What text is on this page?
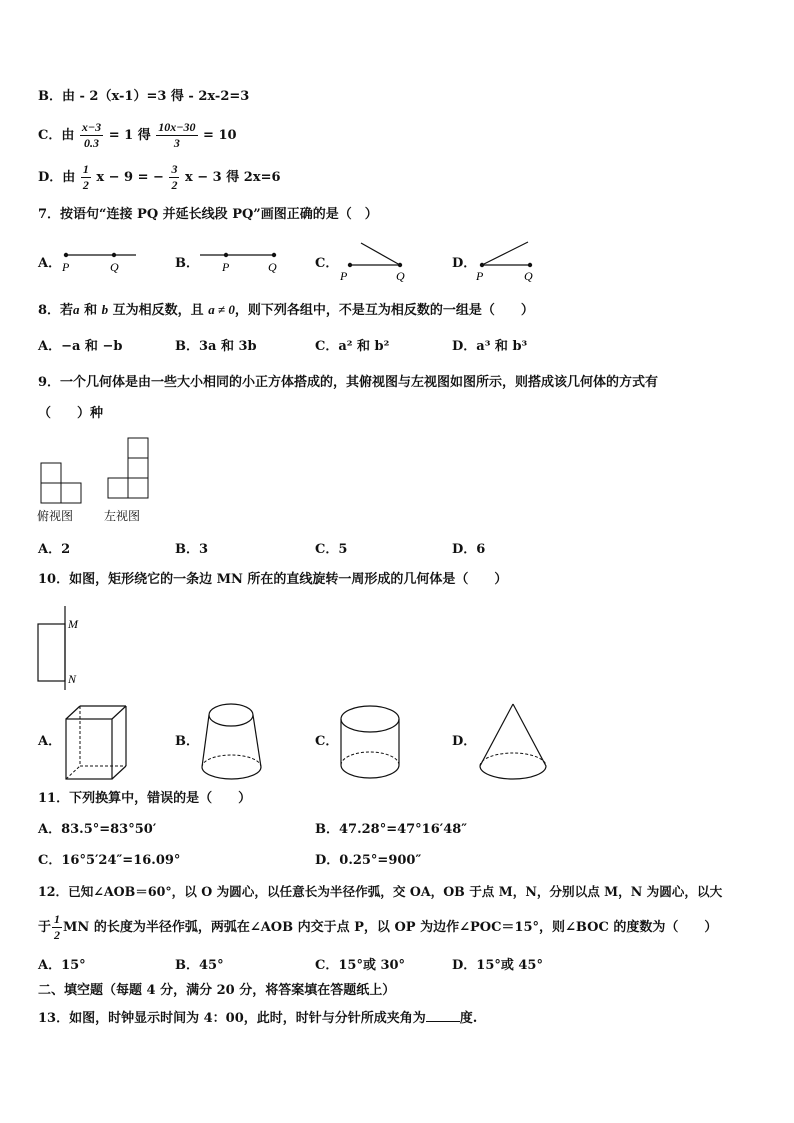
B．由 - 2（x-1）=3 得 - 2x-2=3
C．由 $\frac{x-3}{0.3} = 1$ 得 $\frac{10x-30}{3} = 10$
D．由 $\frac{1}{2}$ x − 9 = − $\frac{3}{2}$ x − 3 得 2x=6
7．按语句“连接 PQ 并延长线段 PQ”画图正确的是（　）
A． P	Q	B． P	Q	C．
P	Q
D．
P	Q
8．若a 和 b 互为相反数，且 a ≠ 0，则下列各组中，不是互为相反数的一组是（　　）
A．−a 和 −b	B．3a 和 3b	C．a² 和 b²	D．a³ 和 b³
9．一个几何体是由一些大小相同的小正方体搭成的，其俯视图与左视图如图所示，则搭成该几何体的方式有
（　　）种
俯视图	左视图
A．2	B．3	C．5	D．6
10．如图，矩形绕它的一条边 MN 所在的直线旋转一周形成的几何体是（　　）
M
N
A．	B．	C．	D．
11．下列换算中，错误的是（　　）
A．83.5°=83°50′	B．47.28°=47°16′48″
C．16°5′24″=16.09°	D．0.25°=900″
12．已知∠AOB＝60°，以 O 为圆心，以任意长为半径作弧，交 OA，OB 于点 M，N，分别以点 M，N 为圆心，以大
于 $\frac{1}{2}$ MN 的长度为半径作弧，两弧在∠AOB 内交于点 P，以 OP 为边作∠POC＝15°，则∠BOC 的度数为（　　）
A．15°	B．45°	C．15°或 30°	D．15°或 45°
二、填空题（每题 4 分，满分 20 分，将答案填在答题纸上）
13．如图，时钟显示时间为 4：00，此时，时针与分针所成夹角为	度.
